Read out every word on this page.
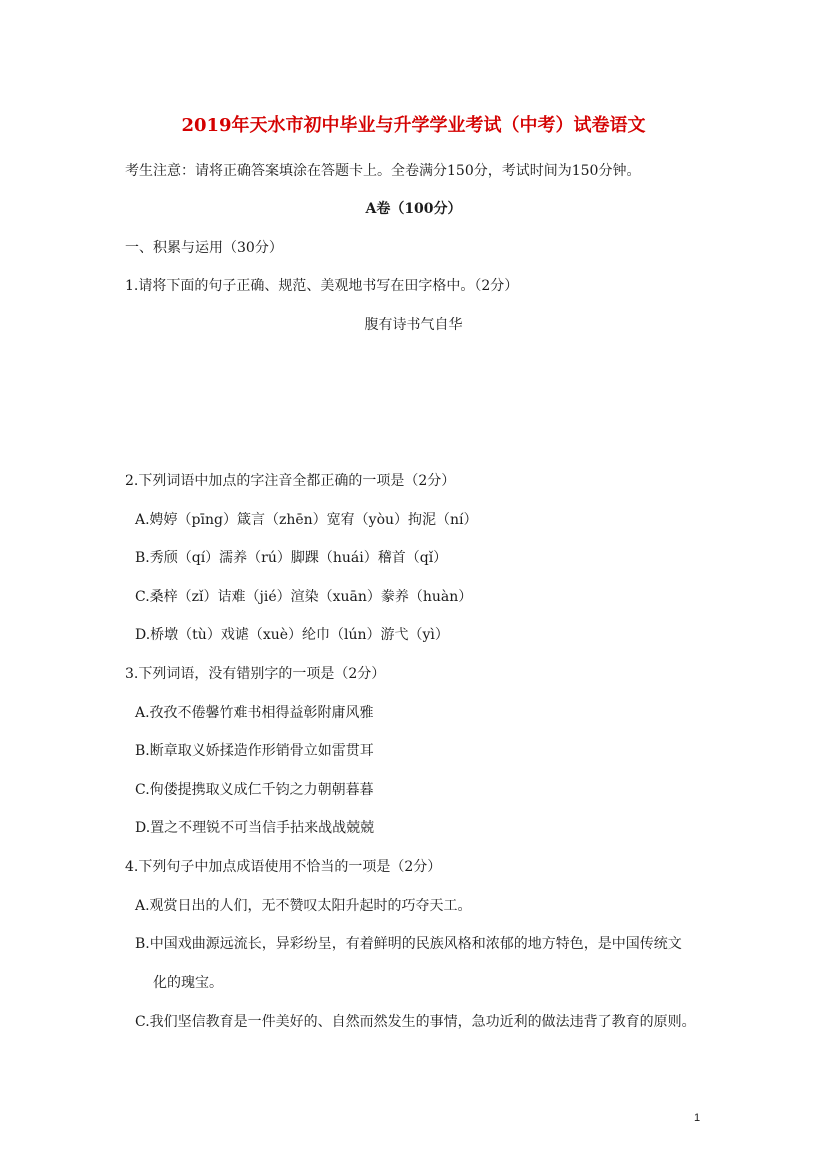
2019年天水市初中毕业与升学学业考试（中考）试卷语文
考生注意：请将正确答案填涂在答题卡上。全卷满分150分，考试时间为150分钟。
A卷（100分）
一、积累与运用（30分）
1.请将下面的句子正确、规范、美观地书写在田字格中。（2分）
腹有诗书气自华
2.下列词语中加点的字注音全都正确的一项是（2分）
A.娉婷（pīng）箴言（zhēn）宽宥（yòu）拘泥（ní）
B.秀颀（qí）濡养（rú）脚踝（huái）稽首（qǐ）
C.桑梓（zǐ）诘难（jié）渲染（xuān）豢养（huàn）
D.桥墩（tù）戏谑（xuè）纶巾（lún）游弋（yì）
3.下列词语，没有错别字的一项是（2分）
A.孜孜不倦馨竹难书相得益彰附庸风雅
B.断章取义娇揉造作形销骨立如雷贯耳
C.佝偻提携取义成仁千钧之力朝朝暮暮
D.置之不理锐不可当信手拈来战战兢兢
4.下列句子中加点成语使用不恰当的一项是（2分）
A.观赏日出的人们，无不赞叹太阳升起时的巧夺天工。
B.中国戏曲源远流长，异彩纷呈，有着鲜明的民族风格和浓郁的地方特色，是中国传统文
化的瑰宝。
C.我们坚信教育是一件美好的、自然而然发生的事情，急功近利的做法违背了教育的原则。
1
